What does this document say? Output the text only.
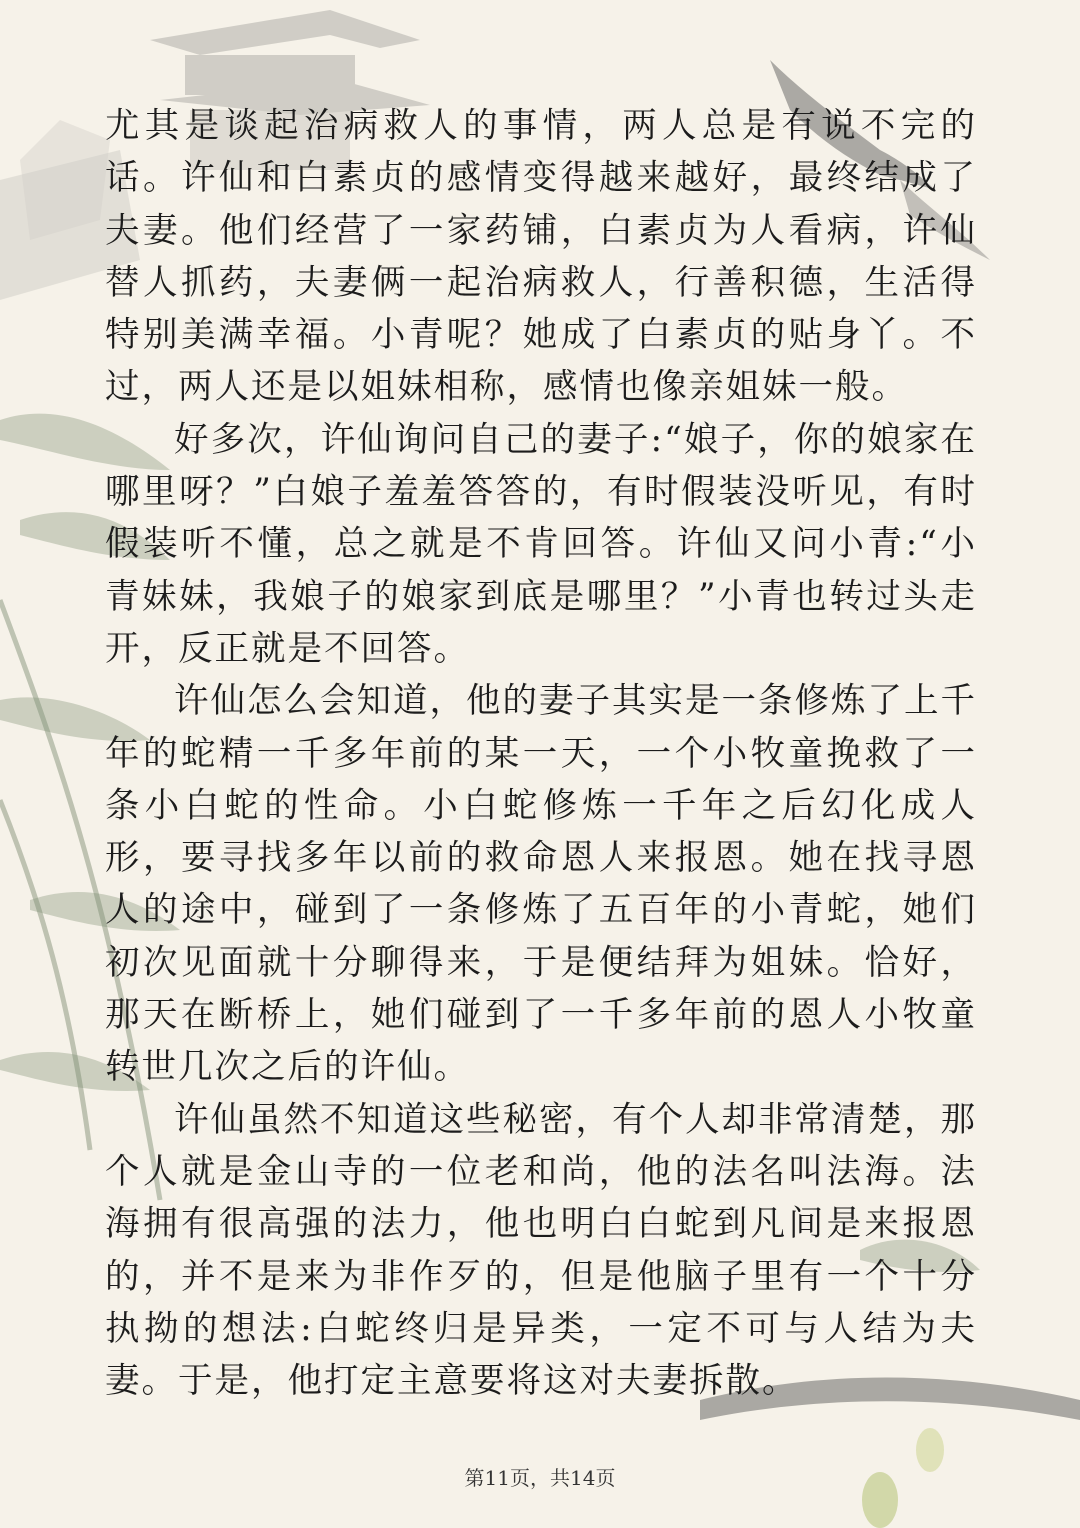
尤其是谈起治病救人的事情，两人总是有说不完的话。许仙和白素贞的感情变得越来越好，最终结成了夫妻。他们经营了一家药铺，白素贞为人看病，许仙替人抓药，夫妻俩一起治病救人，行善积德，生活得特别美满幸福。小青呢？她成了白素贞的贴身丫。不过，两人还是以姐妹相称，感情也像亲姐妹一般。

好多次，许仙询问自己的妻子:“娘子，你的娘家在哪里呀？”白娘子羞羞答答的，有时假装没听见，有时假装听不懂，总之就是不肯回答。许仙又问小青:“小青妹妹，我娘子的娘家到底是哪里？”小青也转过头走开，反正就是不回答。

许仙怎么会知道，他的妻子其实是一条修炼了上千年的蛇精一千多年前的某一天，一个小牧童挽救了一条小白蛇的性命。小白蛇修炼一千年之后幻化成人形，要寻找多年以前的救命恩人来报恩。她在找寻恩人的途中，碰到了一条修炼了五百年的小青蛇，她们初次见面就十分聊得来，于是便结拜为姐妹。恰好，那天在断桥上，她们碰到了一千多年前的恩人小牧童转世几次之后的许仙。

许仙虽然不知道这些秘密，有个人却非常清楚，那个人就是金山寺的一位老和尚，他的法名叫法海。法海拥有很高强的法力，他也明白白蛇到凡间是来报恩的，并不是来为非作歹的，但是他脑子里有一个十分执拗的想法:白蛇终归是异类，一定不可与人结为夫妻。于是，他打定主意要将这对夫妻拆散。

第11页，共14页
